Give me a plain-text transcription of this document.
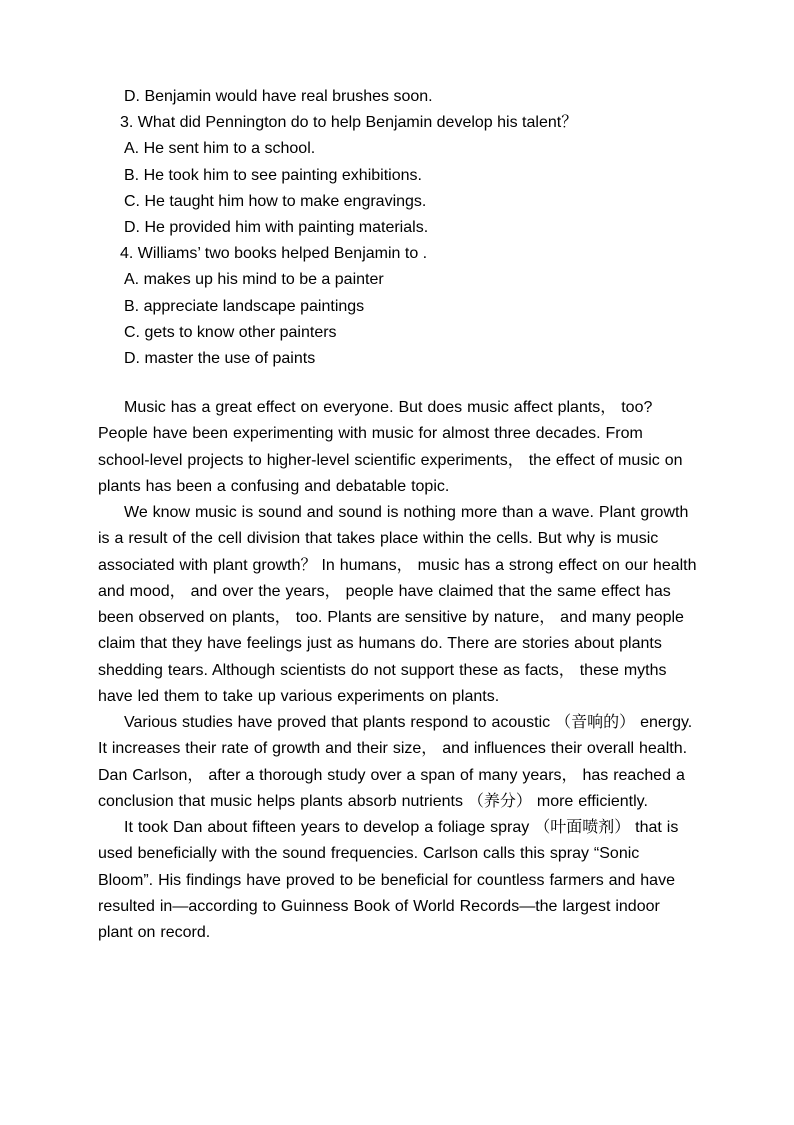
D. Benjamin would have real brushes soon.
3. What did Pennington do to help Benjamin develop his talent？
A. He sent him to a school.
B. He took him to see painting exhibitions.
C. He taught him how to make engravings.
D. He provided him with painting materials.
4. Williams’ two books helped Benjamin to .
A. makes up his mind to be a painter
B. appreciate landscape paintings
C. gets to know other painters
D. master the use of paints

Music has a great effect on everyone. But does music affect plants， too? People have been experimenting with music for almost three decades. From school-level projects to higher-level scientific experiments， the effect of music on plants has been a confusing and debatable topic.

We know music is sound and sound is nothing more than a wave. Plant growth is a result of the cell division that takes place within the cells. But why is music associated with plant growth？ In humans， music has a strong effect on our health and mood， and over the years， people have claimed that the same effect has been observed on plants， too. Plants are sensitive by nature， and many people claim that they have feelings just as humans do. There are stories about plants shedding tears. Although scientists do not support these as facts， these myths have led them to take up various experiments on plants.

Various studies have proved that plants respond to acoustic （音响的） energy. It increases their rate of growth and their size， and influences their overall health. Dan Carlson， after a thorough study over a span of many years， has reached a conclusion that music helps plants absorb nutrients （养分） more efficiently.

It took Dan about fifteen years to develop a foliage spray （叶面喷剂） that is used beneficially with the sound frequencies. Carlson calls this spray “Sonic Bloom”. His findings have proved to be beneficial for countless farmers and have resulted in—according to Guinness Book of World Records—the largest indoor plant on record.
